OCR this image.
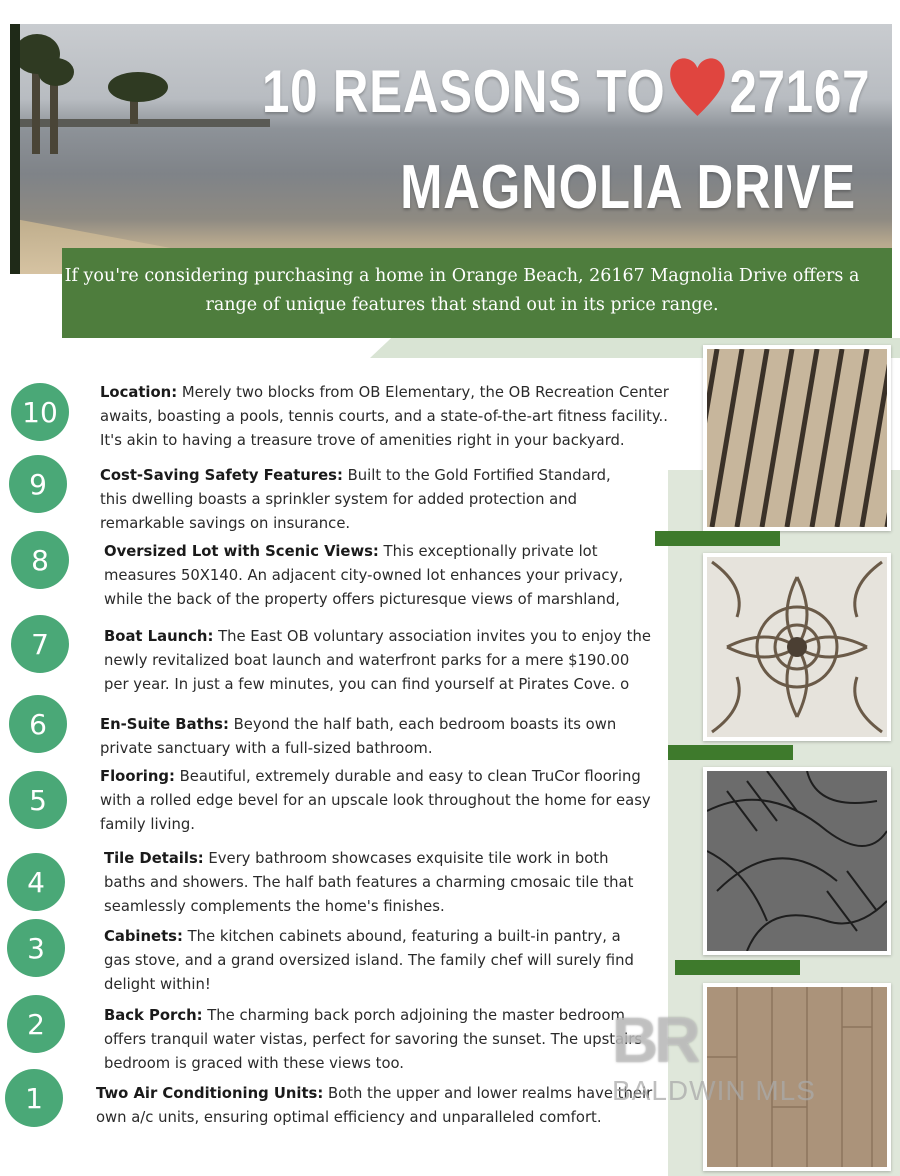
10 REASONS TO 27167
MAGNOLIA DRIVE
If you're considering purchasing a home in Orange Beach, 26167 Magnolia Drive offers a range of unique features that stand out in its price range.
10
Location: Merely two blocks from OB Elementary, the OB Recreation Center awaits, boasting a pools, tennis courts, and a state-of-the-art fitness facility.. It's akin to having a treasure trove of amenities right in your backyard.
9	Cost-Saving Safety Features: Built to the Gold Fortified Standard, this dwelling boasts a sprinkler system for added protection and remarkable savings on insurance.
8	Oversized Lot with Scenic Views: This exceptionally private lot measures 50X140. An adjacent city-owned lot enhances your privacy, while the back of the property offers picturesque views of marshland,
7	Boat Launch: The East OB voluntary association invites you to enjoy the newly revitalized boat launch and waterfront parks for a mere $190.00 per year. In just a few minutes, you can find yourself at Pirates Cove. o
6	En-Suite Baths: Beyond the half bath, each bedroom boasts its own private sanctuary with a full-sized bathroom.
5
Flooring: Beautiful, extremely durable and easy to clean TruCor flooring with a rolled edge bevel for an upscale look throughout the home for easy family living.
4
Tile Details: Every bathroom showcases exquisite tile work in both baths and showers. The half bath features a charming cmosaic tile that seamlessly complements the home's finishes.
3	Cabinets: The kitchen cabinets abound, featuring a built-in pantry, a gas stove, and a grand oversized island. The family chef will surely find delight within!
2	Back Porch: The charming back porch adjoining the master bedroom offers tranquil water vistas, perfect for savoring the sunset. The upstairs bedroom is graced with these views too.
1	Two Air Conditioning Units: Both the upper and lower realms have their own a/c units, ensuring optimal efficiency and unparalleled comfort.
BR
BALDWIN MLS
